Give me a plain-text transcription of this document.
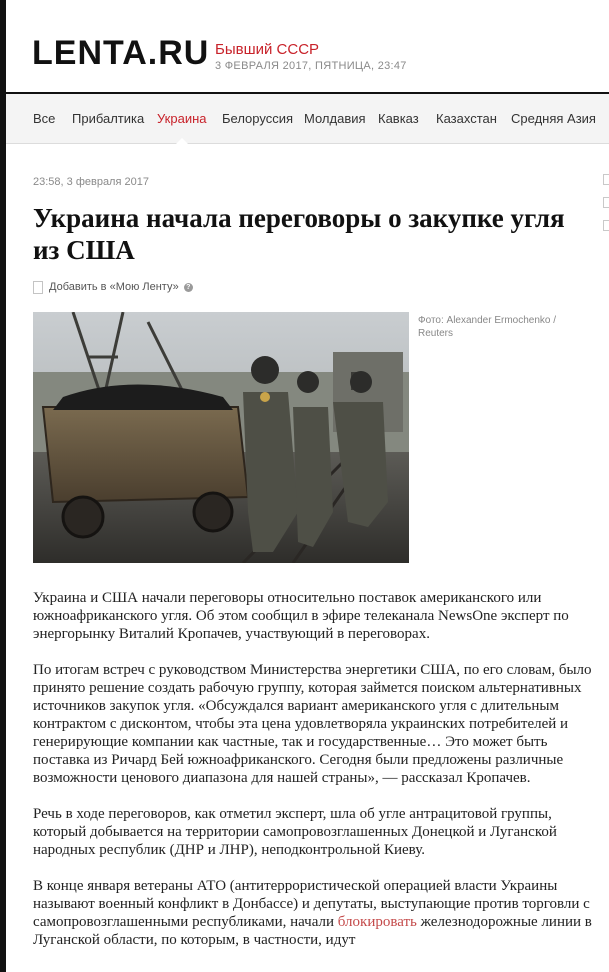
LENTA.RU Бывший СССР
3 ФЕВРАЛЯ 2017, ПЯТНИЦА, 23:47
Все Прибалтика Украина Белоруссия Молдавия Кавказ Казахстан Средняя Азия
23:58, 3 февраля 2017
Украина начала переговоры о закупке угля из США
Добавить в «Мою Ленту»	?
Фото: Alexander Ermochenko / Reuters

Украина и США начали переговоры относительно поставок американского или южноафриканского угля. Об этом сообщил в эфире телеканала NewsOne эксперт по энергорынку Виталий Кропачев, участвующий в переговорах.

По итогам встреч с руководством Министерства энергетики США, по его словам, было принято решение создать рабочую группу, которая займется поиском альтернативных источников закупок угля. «Обсуждался вариант американского угля с длительным контрактом с дисконтом, чтобы эта цена удовлетворяла украинских потребителей и генерирующие компании как частные, так и государственные… Это может быть поставка из Ричард Бей южноафриканского. Сегодня были предложены различные возможности ценового диапазона для нашей страны», — рассказал Кропачев.

Речь в ходе переговоров, как отметил эксперт, шла об угле антрацитовой группы, который добывается на территории самопровозглашенных Донецкой и Луганской народных республик (ДНР и ЛНР), неподконтрольной Киеву.

В конце января ветераны АТО (антитеррористической операцией власти Украины называют военный конфликт в Донбассе) и депутаты, выступающие против торговли с самопровозглашенными республиками, начали блокировать железнодорожные линии в Луганской области, по которым, в частности, идут
